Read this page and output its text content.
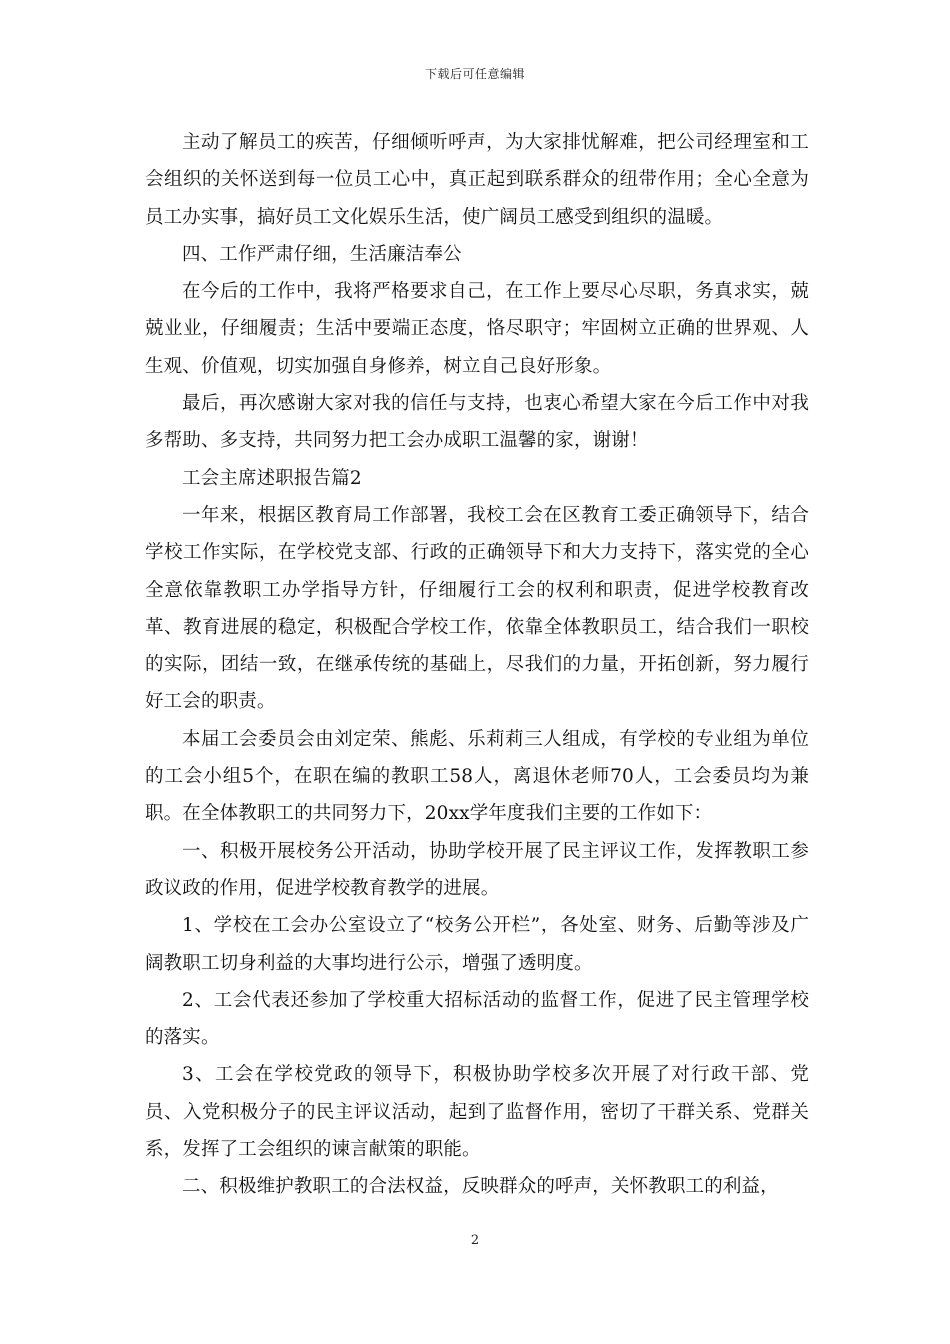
下载后可任意编辑

主动了解员工的疾苦，仔细倾听呼声，为大家排忧解难，把公司经理室和工会组织的关怀送到每一位员工心中，真正起到联系群众的纽带作用；全心全意为员工办实事，搞好员工文化娱乐生活，使广阔员工感受到组织的温暖。

四、工作严肃仔细，生活廉洁奉公

在今后的工作中，我将严格要求自己，在工作上要尽心尽职，务真求实，兢兢业业，仔细履责；生活中要端正态度，恪尽职守；牢固树立正确的世界观、人生观、价值观，切实加强自身修养，树立自己良好形象。

最后，再次感谢大家对我的信任与支持，也衷心希望大家在今后工作中对我多帮助、多支持，共同努力把工会办成职工温馨的家，谢谢！

工会主席述职报告篇2

一年来，根据区教育局工作部署，我校工会在区教育工委正确领导下，结合学校工作实际，在学校党支部、行政的正确领导下和大力支持下，落实党的全心全意依靠教职工办学指导方针，仔细履行工会的权利和职责，促进学校教育改革、教育进展的稳定，积极配合学校工作，依靠全体教职员工，结合我们一职校的实际，团结一致，在继承传统的基础上，尽我们的力量，开拓创新，努力履行好工会的职责。

本届工会委员会由刘定荣、熊彪、乐莉莉三人组成，有学校的专业组为单位的工会小组5个，在职在编的教职工58人，离退休老师70人，工会委员均为兼职。在全体教职工的共同努力下，20xx学年度我们主要的工作如下：

一、积极开展校务公开活动，协助学校开展了民主评议工作，发挥教职工参政议政的作用，促进学校教育教学的进展。

1、学校在工会办公室设立了“校务公开栏”，各处室、财务、后勤等涉及广阔教职工切身利益的大事均进行公示，增强了透明度。

2、工会代表还参加了学校重大招标活动的监督工作，促进了民主管理学校的落实。

3、工会在学校党政的领导下，积极协助学校多次开展了对行政干部、党员、入党积极分子的民主评议活动，起到了监督作用，密切了干群关系、党群关系，发挥了工会组织的谏言献策的职能。

二、积极维护教职工的合法权益，反映群众的呼声，关怀教职工的利益，

2
